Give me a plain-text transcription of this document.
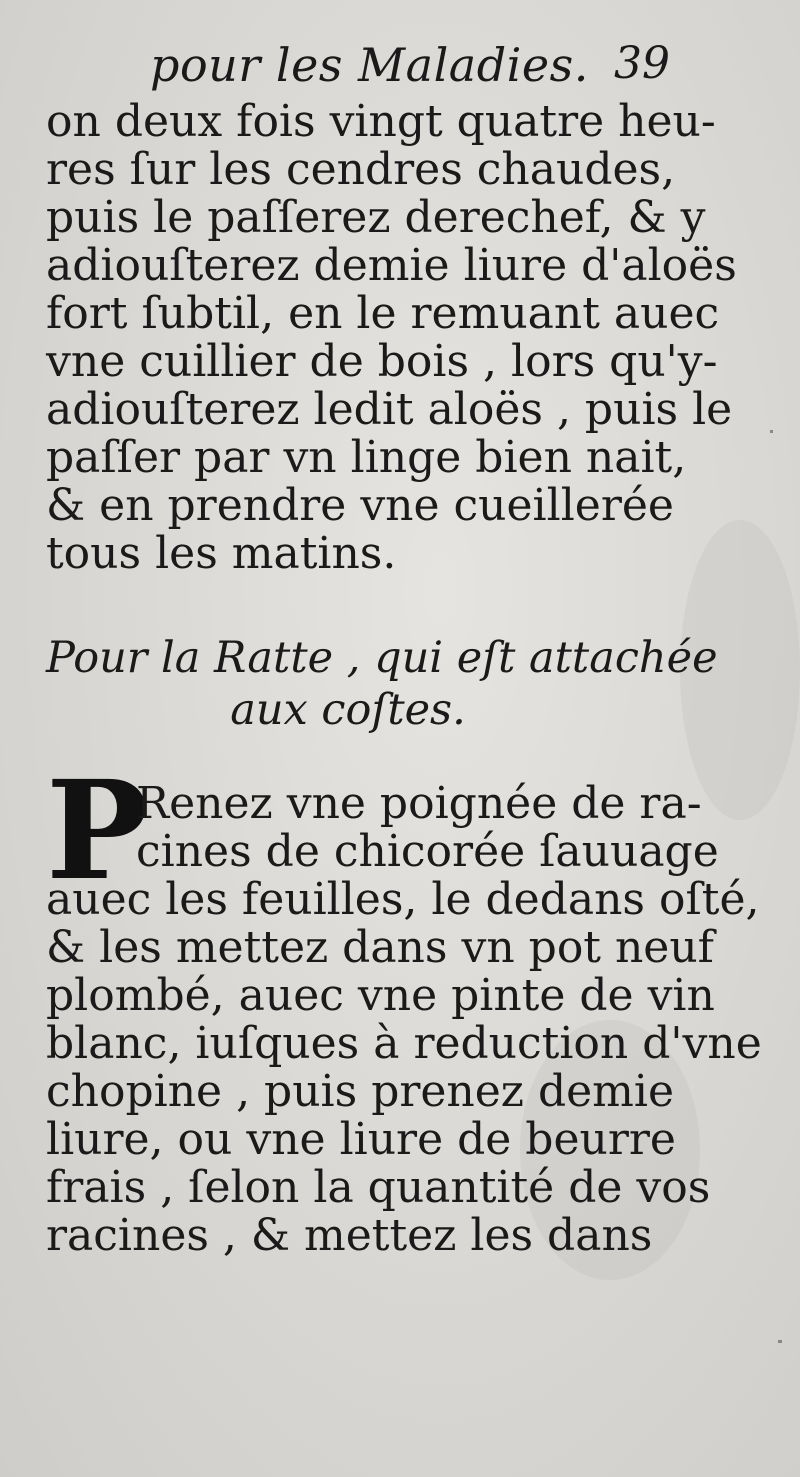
pour les Maladies. 39
on deux fois vingt quatre heu-
res ſur les cendres chaudes,
puis le paſſerez derechef, & y
adiouſterez demie liure d'aloës
fort ſubtil, en le remuant auec
vne cuillier de bois , lors qu'y-
adiouſterez ledit aloës , puis le
paſſer par vn linge bien nait,
& en prendre vne cueillerée
tous les matins.
Pour la Ratte , qui eſt attachée
aux coſtes.
P
Renez vne poignée de ra-
cines de chicorée ſauuage
auec les feuilles, le dedans oſté,
& les mettez dans vn pot neuf
plombé, auec vne pinte de vin
blanc, iuſques à reduction d'vne
chopine , puis prenez demie
liure, ou vne liure de beurre
frais , ſelon la quantité de vos
racines , & mettez les dans
